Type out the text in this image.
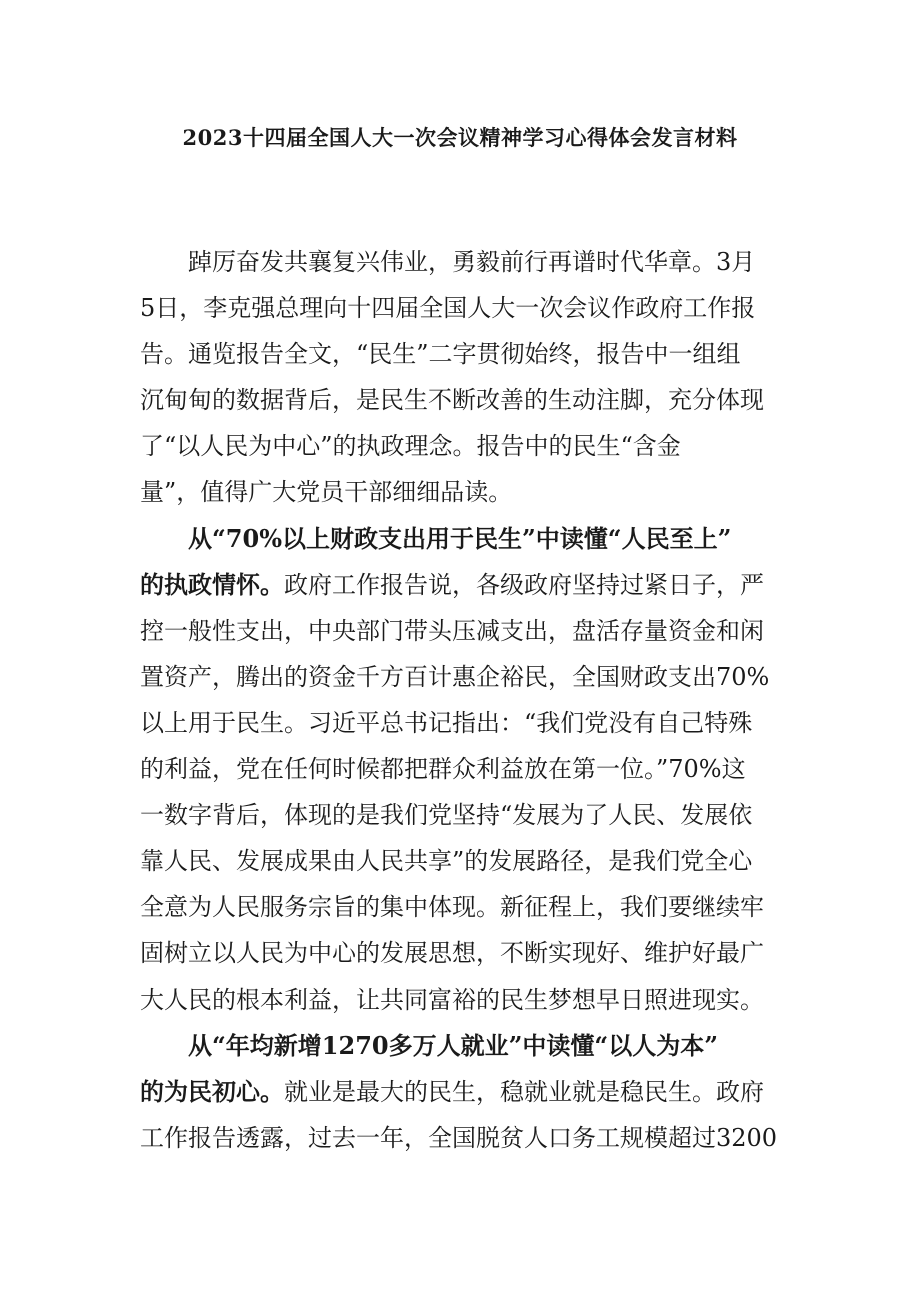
2023十四届全国人大一次会议精神学习心得体会发言材料
踔厉奋发共襄复兴伟业，勇毅前行再谱时代华章。3月
5日，李克强总理向十四届全国人大一次会议作政府工作报
告。通览报告全文，“民生”二字贯彻始终，报告中一组组
沉甸甸的数据背后，是民生不断改善的生动注脚，充分体现
了“以人民为中心”的执政理念。报告中的民生“含金
量”，值得广大党员干部细细品读。
从“70%以上财政支出用于民生”中读懂“人民至上”
的执政情怀。政府工作报告说，各级政府坚持过紧日子，严
控一般性支出，中央部门带头压减支出，盘活存量资金和闲
置资产，腾出的资金千方百计惠企裕民，全国财政支出70%
以上用于民生。习近平总书记指出：“我们党没有自己特殊
的利益，党在任何时候都把群众利益放在第一位。”70%这
一数字背后，体现的是我们党坚持“发展为了人民、发展依
靠人民、发展成果由人民共享”的发展路径，是我们党全心
全意为人民服务宗旨的集中体现。新征程上，我们要继续牢
固树立以人民为中心的发展思想，不断实现好、维护好最广
大人民的根本利益，让共同富裕的民生梦想早日照进现实。
从“年均新增1270多万人就业”中读懂“以人为本”
的为民初心。就业是最大的民生，稳就业就是稳民生。政府
工作报告透露，过去一年，全国脱贫人口务工规模超过3200
